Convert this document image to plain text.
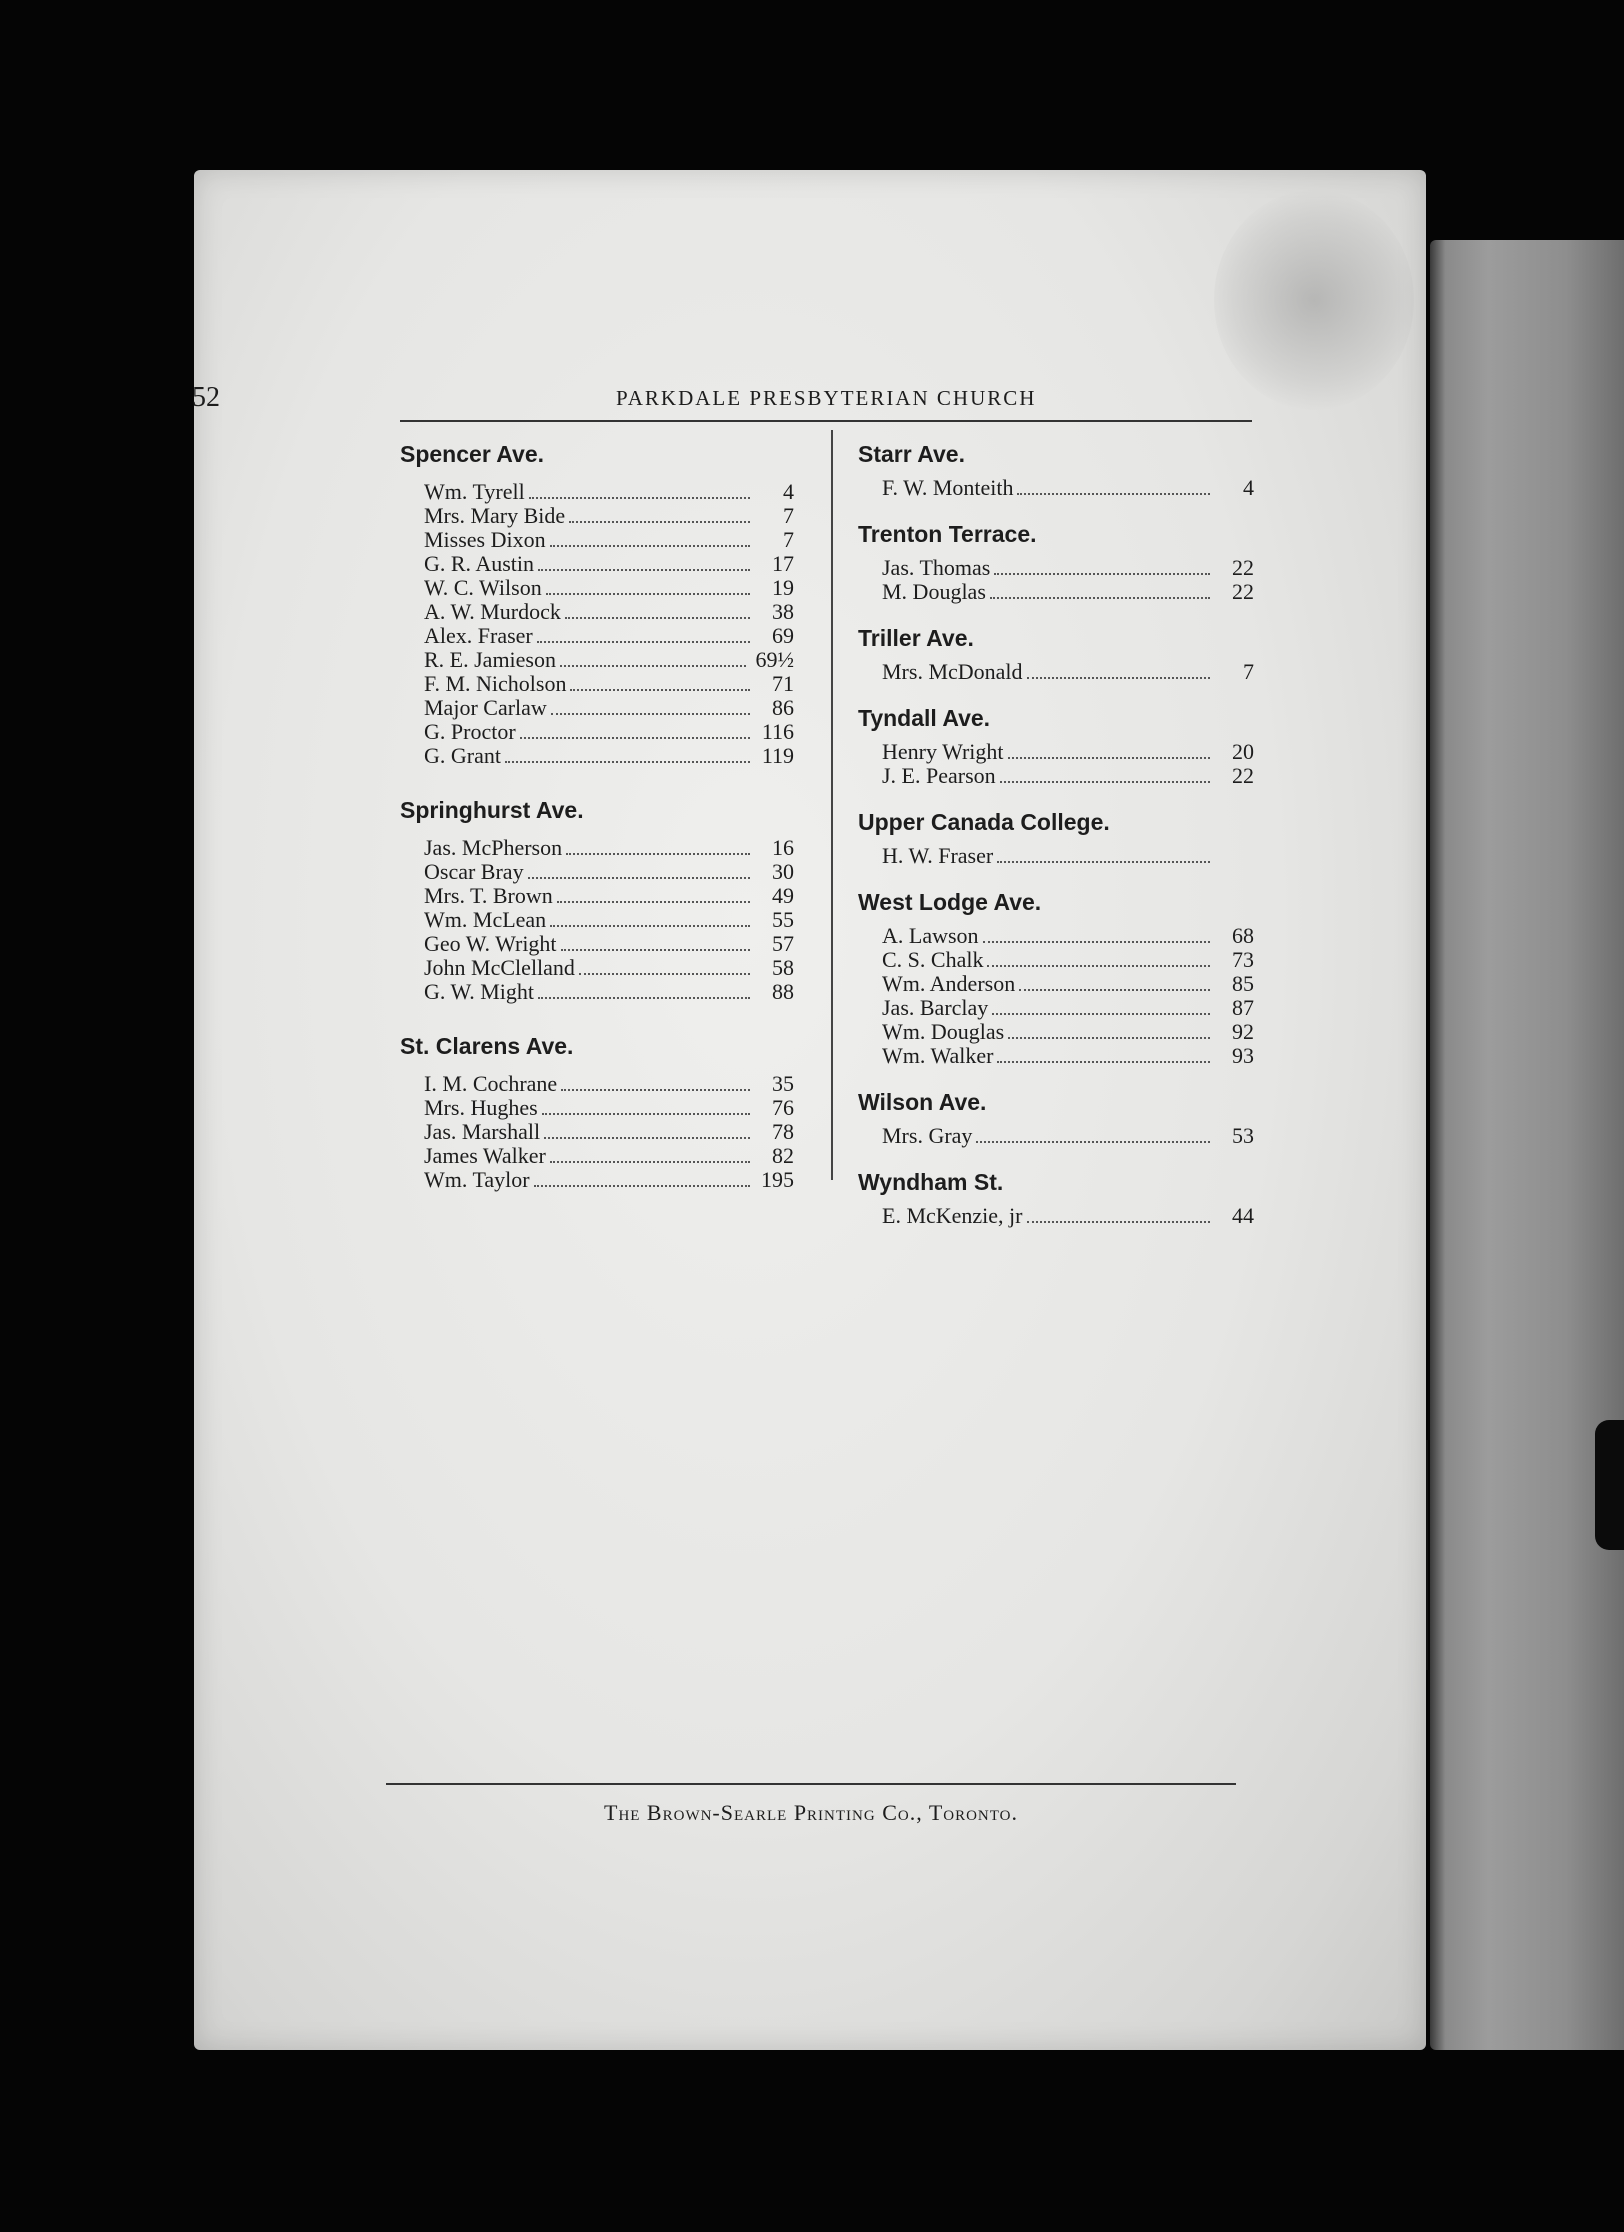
52	PARKDALE PRESBYTERIAN CHURCH
Spencer Ave.
Wm. Tyrell	4
Mrs. Mary Bide	7
Misses Dixon	7
G. R. Austin	17
W. C. Wilson	19
A. W. Murdock	38
Alex. Fraser	69
R. E. Jamieson	69½
F. M. Nicholson	71
Major Carlaw	86
G. Proctor	116
G. Grant	119
Springhurst Ave.
Jas. McPherson	16
Oscar Bray	30
Mrs. T. Brown	49
Wm. McLean	55
Geo W. Wright	57
John McClelland	58
G. W. Might	88
St. Clarens Ave.
I. M. Cochrane	35
Mrs. Hughes	76
Jas. Marshall	78
James Walker	82
Wm. Taylor	195
Starr Ave.
F. W. Monteith	4
Trenton Terrace.
Jas. Thomas	22
M. Douglas	22
Triller Ave.
Mrs. McDonald	7
Tyndall Ave.
Henry Wright	20
J. E. Pearson	22
Upper Canada College.
H. W. Fraser
West Lodge Ave.
A. Lawson	68
C. S. Chalk	73
Wm. Anderson	85
Jas. Barclay	87
Wm. Douglas	92
Wm. Walker	93
Wilson Ave.
Mrs. Gray	53
Wyndham St.
E. McKenzie, jr	44
The Brown-Searle Printing Co., Toronto.
